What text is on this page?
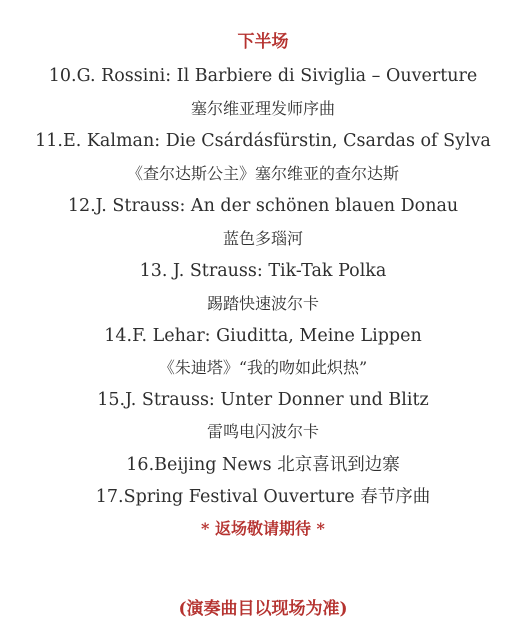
下半场
10.G. Rossini: Il Barbiere di Siviglia – Ouverture
塞尔维亚理发师序曲
11.E. Kalman: Die Csárdásfürstin, Csardas of Sylva
《查尔达斯公主》塞尔维亚的查尔达斯
12.J. Strauss: An der schönen blauen Donau
蓝色多瑙河
13. J. Strauss: Tik-Tak Polka
踢踏快速波尔卡
14.F. Lehar: Giuditta, Meine Lippen
《朱迪塔》“我的吻如此炽热”
15.J. Strauss: Unter Donner und Blitz
雷鸣电闪波尔卡
16.Beijing News 北京喜讯到边寨
17.Spring Festival Ouverture 春节序曲
* 返场敬请期待 *
(演奏曲目以现场为准)
